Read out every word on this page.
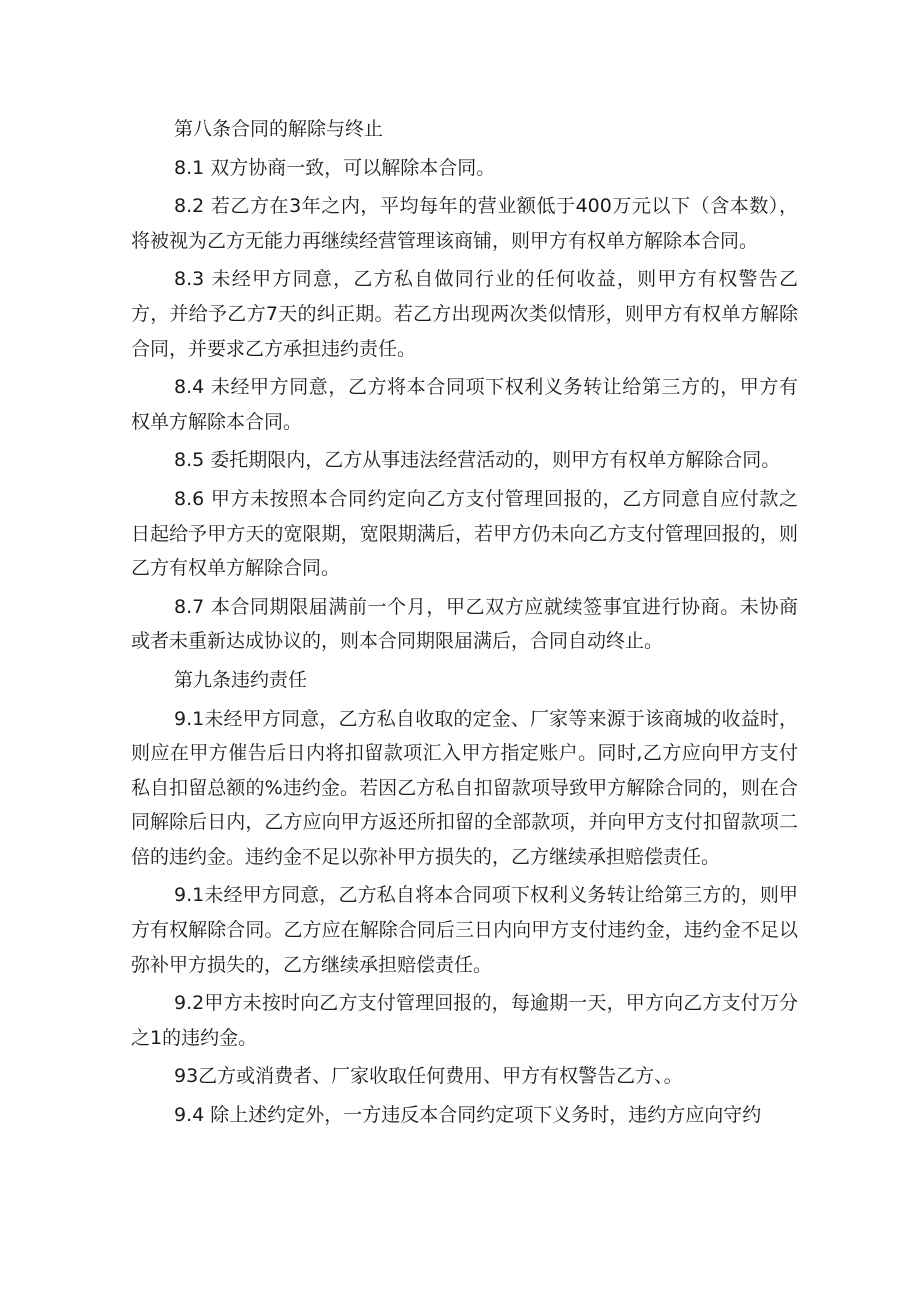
第八条合同的解除与终止

8.1 双方协商一致，可以解除本合同。

8.2 若乙方在3年之内，平均每年的营业额低于400万元以下（含本数），将被视为乙方无能力再继续经营管理该商铺，则甲方有权单方解除本合同。

8.3 未经甲方同意，乙方私自做同行业的任何收益，则甲方有权警告乙方，并给予乙方7天的纠正期。若乙方出现两次类似情形，则甲方有权单方解除合同，并要求乙方承担违约责任。

8.4 未经甲方同意，乙方将本合同项下权利义务转让给第三方的，甲方有权单方解除本合同。

8.5 委托期限内，乙方从事违法经营活动的，则甲方有权单方解除合同。

8.6 甲方未按照本合同约定向乙方支付管理回报的，乙方同意自应付款之日起给予甲方天的宽限期，宽限期满后，若甲方仍未向乙方支付管理回报的，则乙方有权单方解除合同。

8.7 本合同期限届满前一个月，甲乙双方应就续签事宜进行协商。未协商或者未重新达成协议的，则本合同期限届满后，合同自动终止。

第九条违约责任

9.1未经甲方同意，乙方私自收取的定金、厂家等来源于该商城的收益时，则应在甲方催告后日内将扣留款项汇入甲方指定账户。同时,乙方应向甲方支付私自扣留总额的%违约金。若因乙方私自扣留款项导致甲方解除合同的，则在合同解除后日内，乙方应向甲方返还所扣留的全部款项，并向甲方支付扣留款项二倍的违约金。违约金不足以弥补甲方损失的，乙方继续承担赔偿责任。

9.1未经甲方同意，乙方私自将本合同项下权利义务转让给第三方的，则甲方有权解除合同。乙方应在解除合同后三日内向甲方支付违约金，违约金不足以弥补甲方损失的，乙方继续承担赔偿责任。

9.2甲方未按时向乙方支付管理回报的，每逾期一天，甲方向乙方支付万分之1的违约金。

93乙方或消费者、厂家收取任何费用、甲方有权警告乙方、。

9.4 除上述约定外，一方违反本合同约定项下义务时，违约方应向守约
